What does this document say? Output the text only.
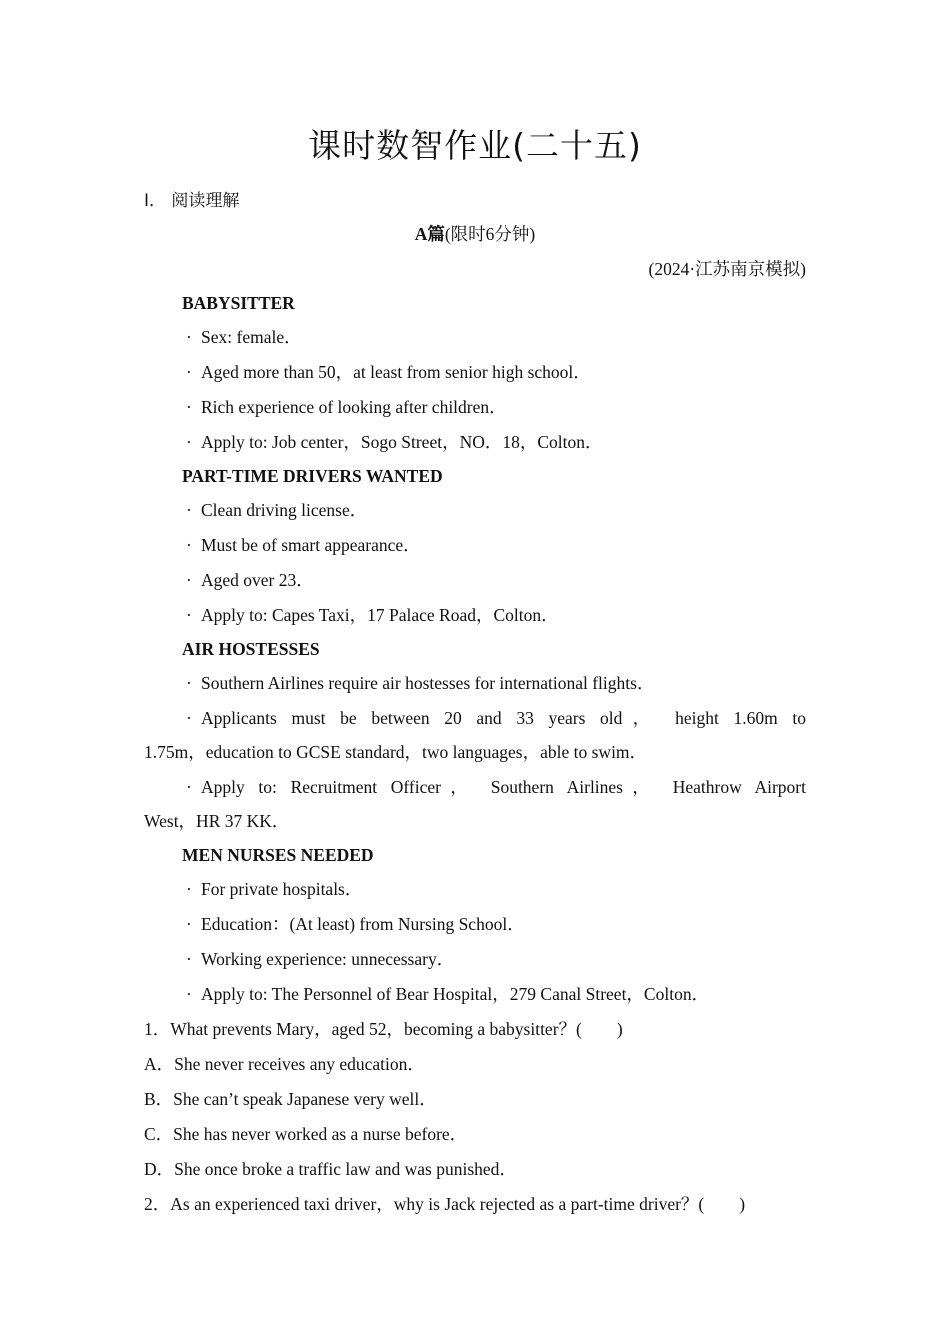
课时数智作业(二十五)
Ⅰ． 阅读理解
A篇(限时6分钟)
(2024·江苏南京模拟)
BABYSITTER
· Sex: female．
· Aged more than 50，at least from senior high school．
· Rich experience of looking after children．
· Apply to: Job center，Sogo Street，NO．18，Colton．
PART-TIME DRIVERS WANTED
· Clean driving license．
· Must be of smart appearance．
· Aged over 23．
· Apply to: Capes Taxi，17 Palace Road，Colton．
AIR HOSTESSES
· Southern Airlines require air hostesses for international flights．
· Applicants must be between 20 and 33 years old， height 1.60m to
1.75m，education to GCSE standard，two languages，able to swim．
· Apply to: Recruitment Officer， Southern Airlines， Heathrow Airport
West，HR 37 KK．
MEN NURSES NEEDED
· For private hospitals．
· Education：(At least) from Nursing School．
· Working experience: unnecessary．
· Apply to: The Personnel of Bear Hospital，279 Canal Street，Colton．
1．What prevents Mary，aged 52，becoming a babysitter？(　　)
A．She never receives any education．
B．She can’t speak Japanese very well．
C．She has never worked as a nurse before．
D．She once broke a traffic law and was punished．
2．As an experienced taxi driver，why is Jack rejected as a part-time driver？(　　)
